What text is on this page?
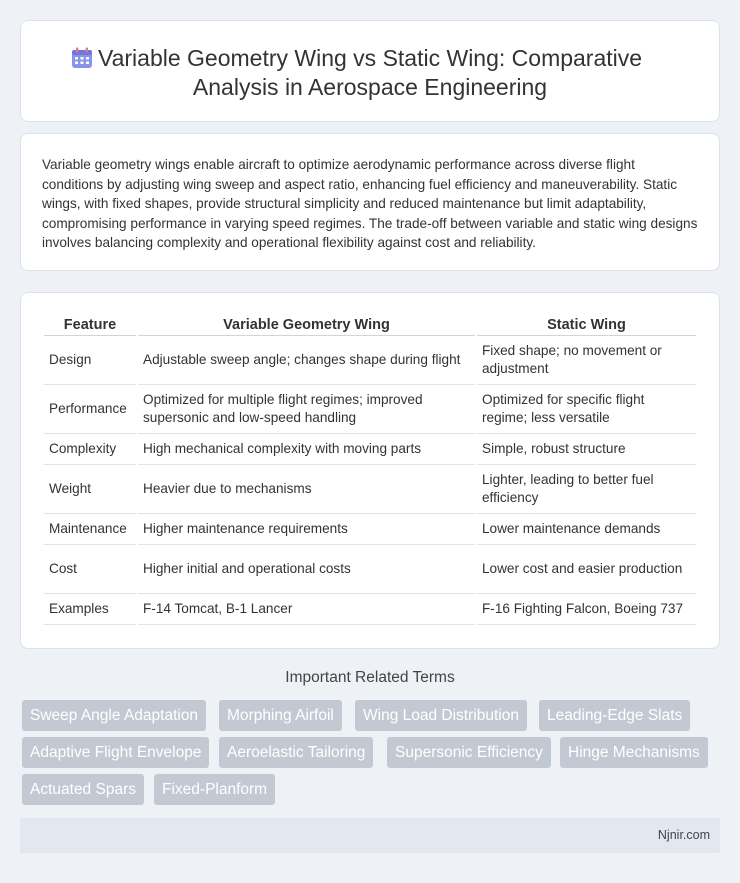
Variable Geometry Wing vs Static Wing: Comparative Analysis in Aerospace Engineering

Variable geometry wings enable aircraft to optimize aerodynamic performance across diverse flight conditions by adjusting wing sweep and aspect ratio, enhancing fuel efficiency and maneuverability. Static wings, with fixed shapes, provide structural simplicity and reduced maintenance but limit adaptability, compromising performance in varying speed regimes. The trade-off between variable and static wing designs involves balancing complexity and operational flexibility against cost and reliability.

Feature	Variable Geometry Wing	Static Wing
Design	Adjustable sweep angle; changes shape during flight	Fixed shape; no movement or adjustment
Performance	Optimized for multiple flight regimes; improved supersonic and low-speed handling	Optimized for specific flight regime; less versatile
Complexity	High mechanical complexity with moving parts	Simple, robust structure
Weight	Heavier due to mechanisms	Lighter, leading to better fuel efficiency
Maintenance	Higher maintenance requirements	Lower maintenance demands
Cost	Higher initial and operational costs	Lower cost and easier production
Examples	F-14 Tomcat, B-1 Lancer	F-16 Fighting Falcon, Boeing 737
Important Related Terms
Sweep Angle Adaptation	Morphing Airfoil	Wing Load Distribution	Leading-Edge Slats
Adaptive Flight Envelope	Aeroelastic Tailoring	Supersonic Efficiency	Hinge Mechanisms
Actuated Spars	Fixed-Planform
Njnir.com
